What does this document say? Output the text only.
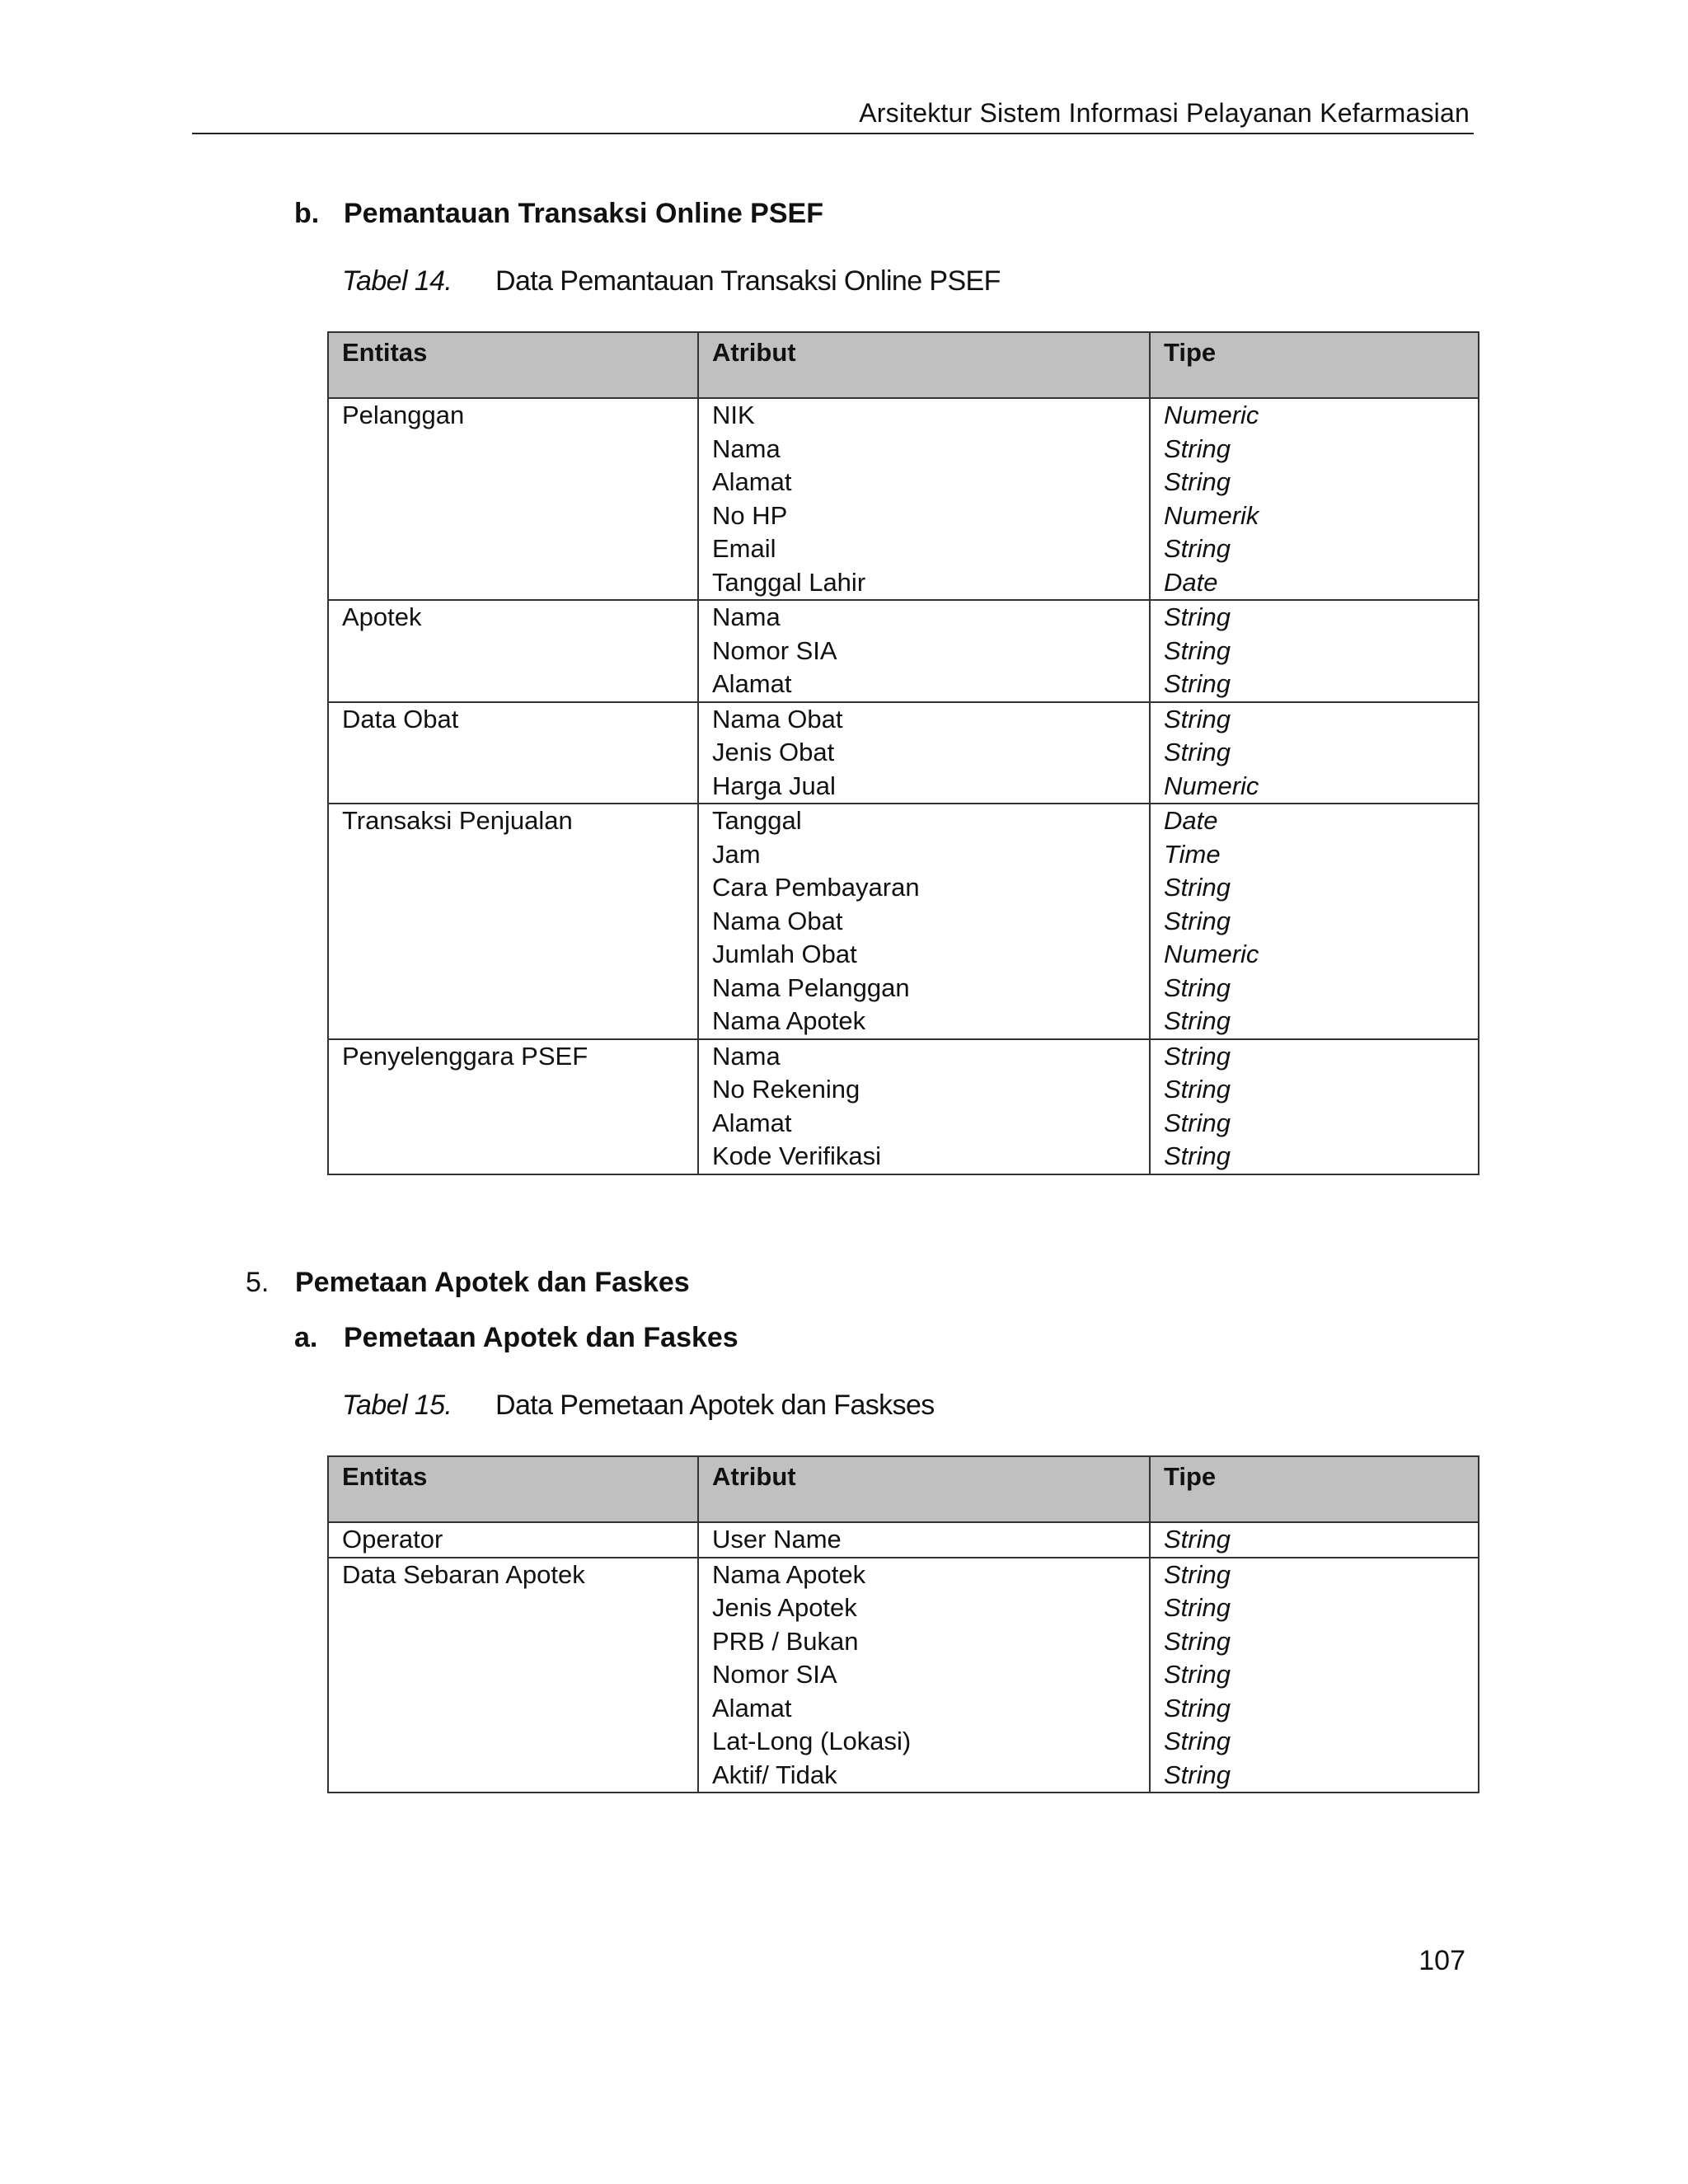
Arsitektur Sistem Informasi Pelayanan Kefarmasian
b. Pemantauan Transaksi Online PSEF
Tabel 14. Data Pemantauan Transaksi Online PSEF
Entitas	Atribut	Tipe
Pelanggan	NIK	Numeric
	Nama	String
	Alamat	String
	No HP	Numerik
	Email	String
	Tanggal Lahir	Date
Apotek	Nama	String
	Nomor SIA	String
	Alamat	String
Data Obat	Nama Obat	String
	Jenis Obat	String
	Harga Jual	Numeric
Transaksi Penjualan	Tanggal	Date
	Jam	Time
	Cara Pembayaran	String
	Nama Obat	String
	Jumlah Obat	Numeric
	Nama Pelanggan	String
	Nama Apotek	String
Penyelenggara PSEF	Nama	String
	No Rekening	String
	Alamat	String
	Kode Verifikasi	String
5. Pemetaan Apotek dan Faskes
a. Pemetaan Apotek dan Faskes
Tabel 15. Data Pemetaan Apotek dan Faskses
Entitas	Atribut	Tipe
Operator	User Name	String
Data Sebaran Apotek	Nama Apotek	String
	Jenis Apotek	String
	PRB / Bukan	String
	Nomor SIA	String
	Alamat	String
	Lat-Long (Lokasi)	String
	Aktif/ Tidak	String
107
